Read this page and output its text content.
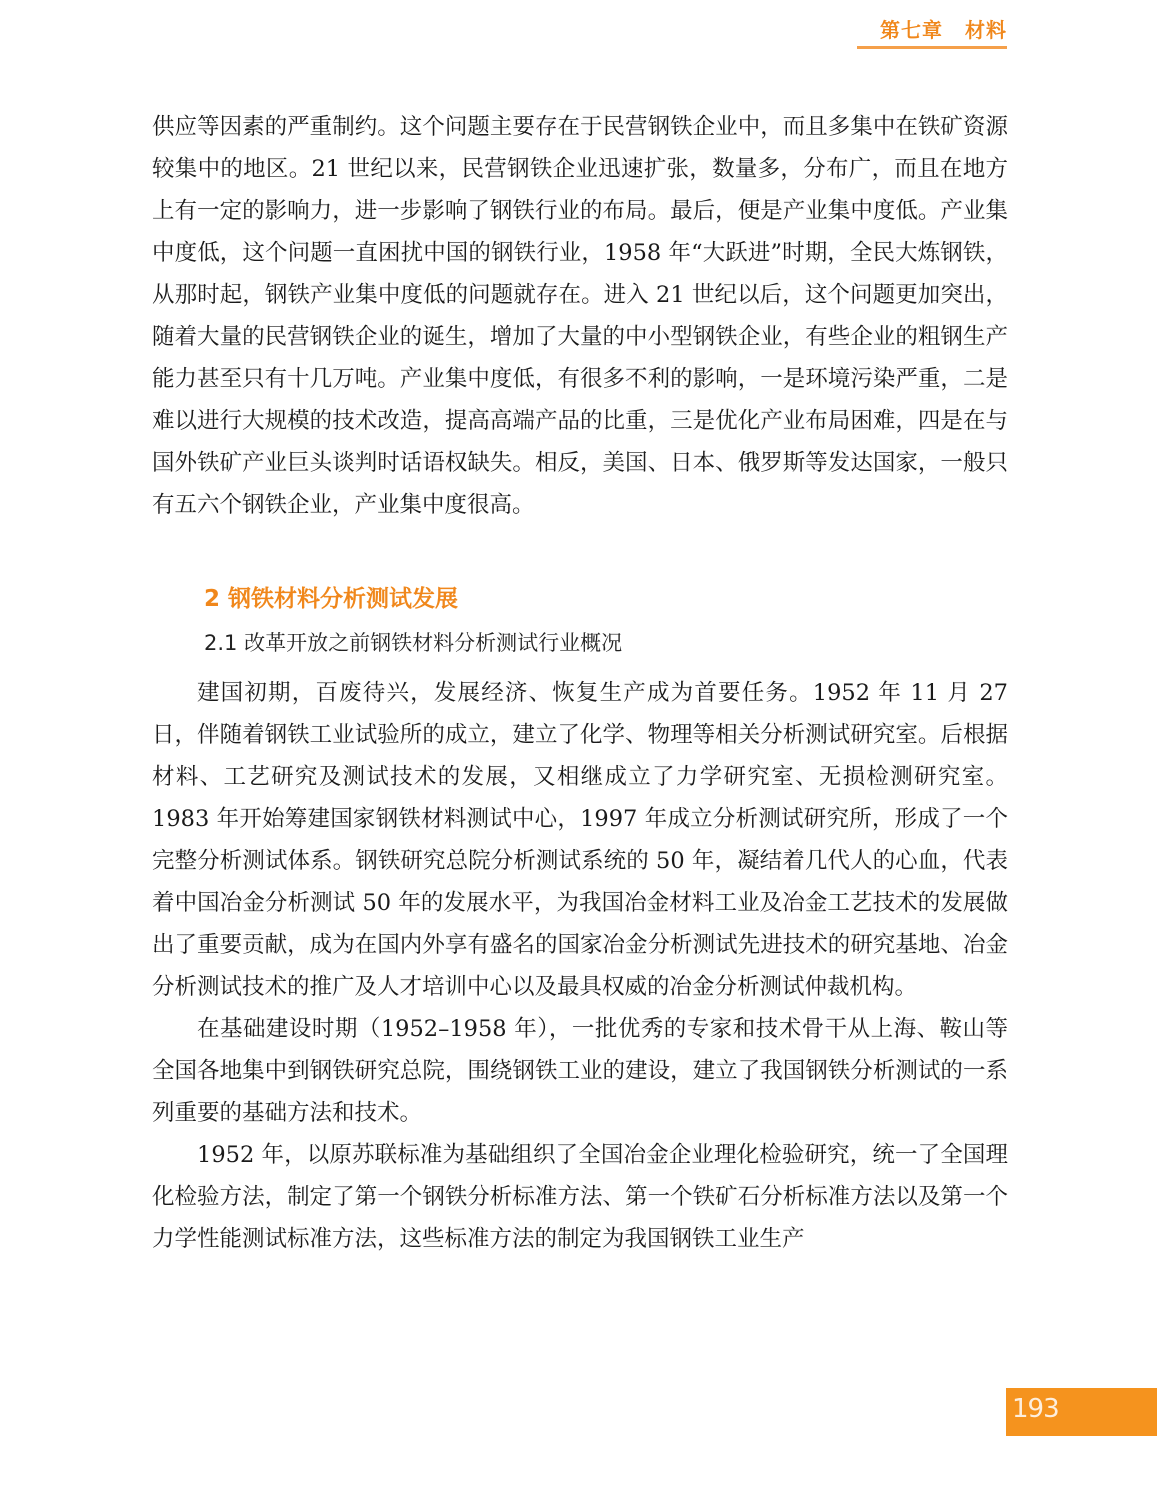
第七章 材料

供应等因素的严重制约。这个问题主要存在于民营钢铁企业中，而且多集中在铁矿资源较集中的地区。21 世纪以来，民营钢铁企业迅速扩张，数量多，分布广，而且在地方上有一定的影响力，进一步影响了钢铁行业的布局。最后，便是产业集中度低。产业集中度低，这个问题一直困扰中国的钢铁行业，1958 年“大跃进”时期，全民大炼钢铁，从那时起，钢铁产业集中度低的问题就存在。进入 21 世纪以后，这个问题更加突出，随着大量的民营钢铁企业的诞生，增加了大量的中小型钢铁企业，有些企业的粗钢生产能力甚至只有十几万吨。产业集中度低，有很多不利的影响，一是环境污染严重，二是难以进行大规模的技术改造，提高高端产品的比重，三是优化产业布局困难，四是在与国外铁矿产业巨头谈判时话语权缺失。相反，美国、日本、俄罗斯等发达国家，一般只有五六个钢铁企业，产业集中度很高。

2 钢铁材料分析测试发展
2.1 改革开放之前钢铁材料分析测试行业概况

建国初期，百废待兴，发展经济、恢复生产成为首要任务。1952 年 11 月 27 日，伴随着钢铁工业试验所的成立，建立了化学、物理等相关分析测试研究室。后根据材料、工艺研究及测试技术的发展，又相继成立了力学研究室、无损检测研究室。1983 年开始筹建国家钢铁材料测试中心，1997 年成立分析测试研究所，形成了一个完整分析测试体系。钢铁研究总院分析测试系统的 50 年，凝结着几代人的心血，代表着中国冶金分析测试 50 年的发展水平，为我国冶金材料工业及冶金工艺技术的发展做出了重要贡献，成为在国内外享有盛名的国家冶金分析测试先进技术的研究基地、冶金分析测试技术的推广及人才培训中心以及最具权威的冶金分析测试仲裁机构。

在基础建设时期（1952–1958 年），一批优秀的专家和技术骨干从上海、鞍山等全国各地集中到钢铁研究总院，围绕钢铁工业的建设，建立了我国钢铁分析测试的一系列重要的基础方法和技术。

1952 年，以原苏联标准为基础组织了全国冶金企业理化检验研究，统一了全国理化检验方法，制定了第一个钢铁分析标准方法、第一个铁矿石分析标准方法以及第一个力学性能测试标准方法，这些标准方法的制定为我国钢铁工业生产

193
